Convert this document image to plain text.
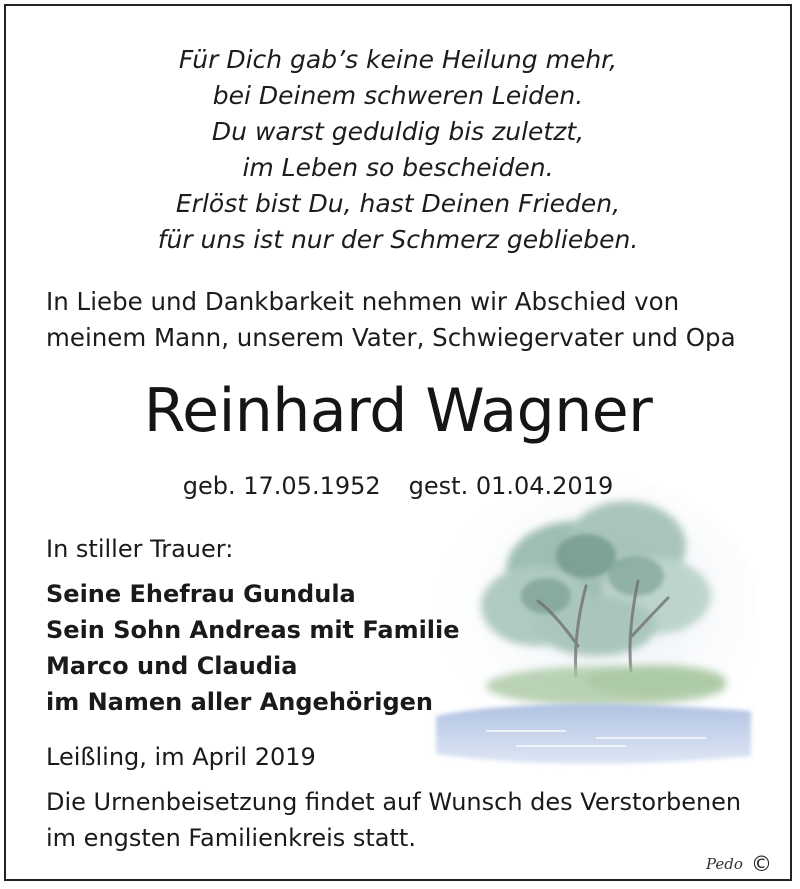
Für Dich gab’s keine Heilung mehr,
bei Deinem schweren Leiden.
Du warst geduldig bis zuletzt,
im Leben so bescheiden.
Erlöst bist Du, hast Deinen Frieden,
für uns ist nur der Schmerz geblieben.
In Liebe und Dankbarkeit nehmen wir Abschied von
meinem Mann, unserem Vater, Schwiegervater und Opa
Reinhard Wagner
geb. 17.05.1952 gest. 01.04.2019
In stiller Trauer:
Seine Ehefrau Gundula
Sein Sohn Andreas mit Familie
Marco und Claudia
im Namen aller Angehörigen
Leißling, im April 2019
Die Urnenbeisetzung findet auf Wunsch des Verstorbenen
im engsten Familienkreis statt.
Pedo ©
